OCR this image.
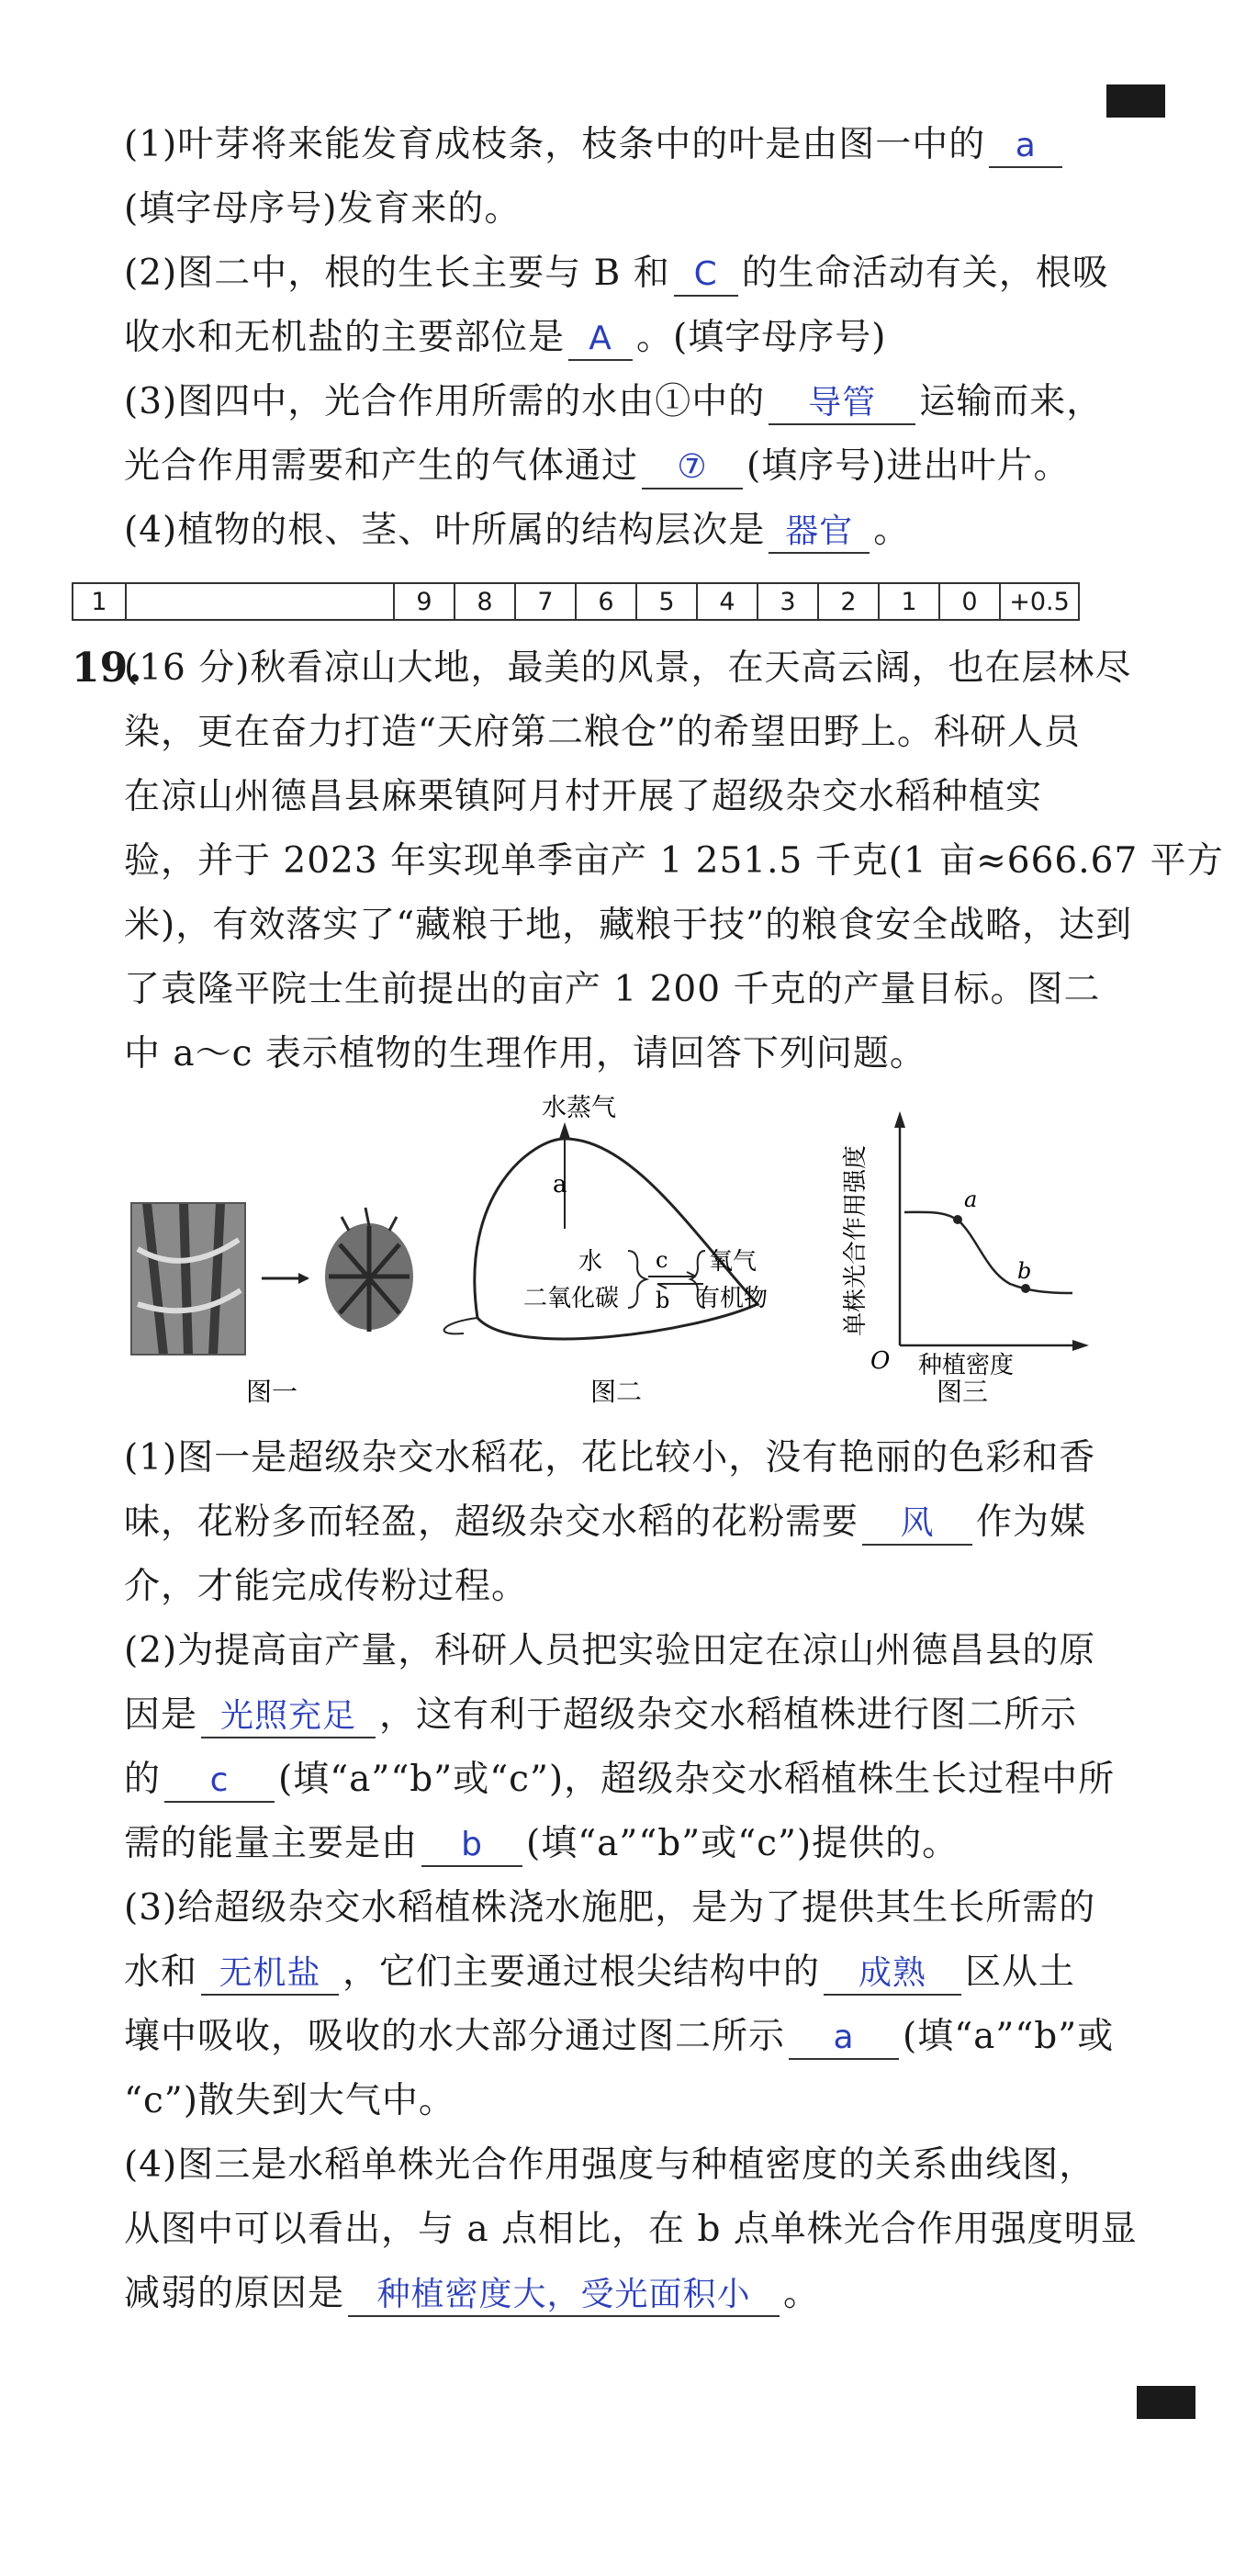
(1)叶芽将来能发育成枝条，枝条中的叶是由图一中的 a
(填字母序号)发育来的。
(2)图二中，根的生长主要与 B 和 C 的生命活动有关，根吸
收水和无机盐的主要部位是 A 。(填字母序号)
(3)图四中，光合作用所需的水由①中的 导管 运输而来，
光合作用需要和产生的气体通过 ⑦ (填序号)进出叶片。
(4)植物的根、茎、叶所属的结构层次是 器官 。
1		9	8	7	6	5	4	3	2	1	0	+0.5
19.
(16 分)秋看凉山大地，最美的风景，在天高云阔，也在层林尽
染，更在奋力打造“天府第二粮仓”的希望田野上。科研人员
在凉山州德昌县麻栗镇阿月村开展了超级杂交水稻种植实
验，并于 2023 年实现单季亩产 1 251.5 千克(1 亩≈666.67 平方
米)，有效落实了“藏粮于地，藏粮于技”的粮食安全战略，达到
了袁隆平院士生前提出的亩产 1 200 千克的产量目标。图二
中 a～c 表示植物的生理作用，请回答下列问题。
水蒸气
a
水
二氧化碳
c
b
氧气
有机物
a
b
O 种植密度
单株光合作用强度
图一	图二	图三
(1)图一是超级杂交水稻花，花比较小，没有艳丽的色彩和香
味，花粉多而轻盈，超级杂交水稻的花粉需要 风 作为媒
介，才能完成传粉过程。
(2)为提高亩产量，科研人员把实验田定在凉山州德昌县的原
因是 光照充足 ，这有利于超级杂交水稻植株进行图二所示
的 c (填“a”“b”或“c”)，超级杂交水稻植株生长过程中所
需的能量主要是由 b (填“a”“b”或“c”)提供的。
(3)给超级杂交水稻植株浇水施肥，是为了提供其生长所需的
水和 无机盐 ，它们主要通过根尖结构中的 成熟 区从土
壤中吸收，吸收的水大部分通过图二所示 a (填“a”“b”或
“c”)散失到大气中。
(4)图三是水稻单株光合作用强度与种植密度的关系曲线图，
从图中可以看出，与 a 点相比，在 b 点单株光合作用强度明显
减弱的原因是 种植密度大，受光面积小 。
